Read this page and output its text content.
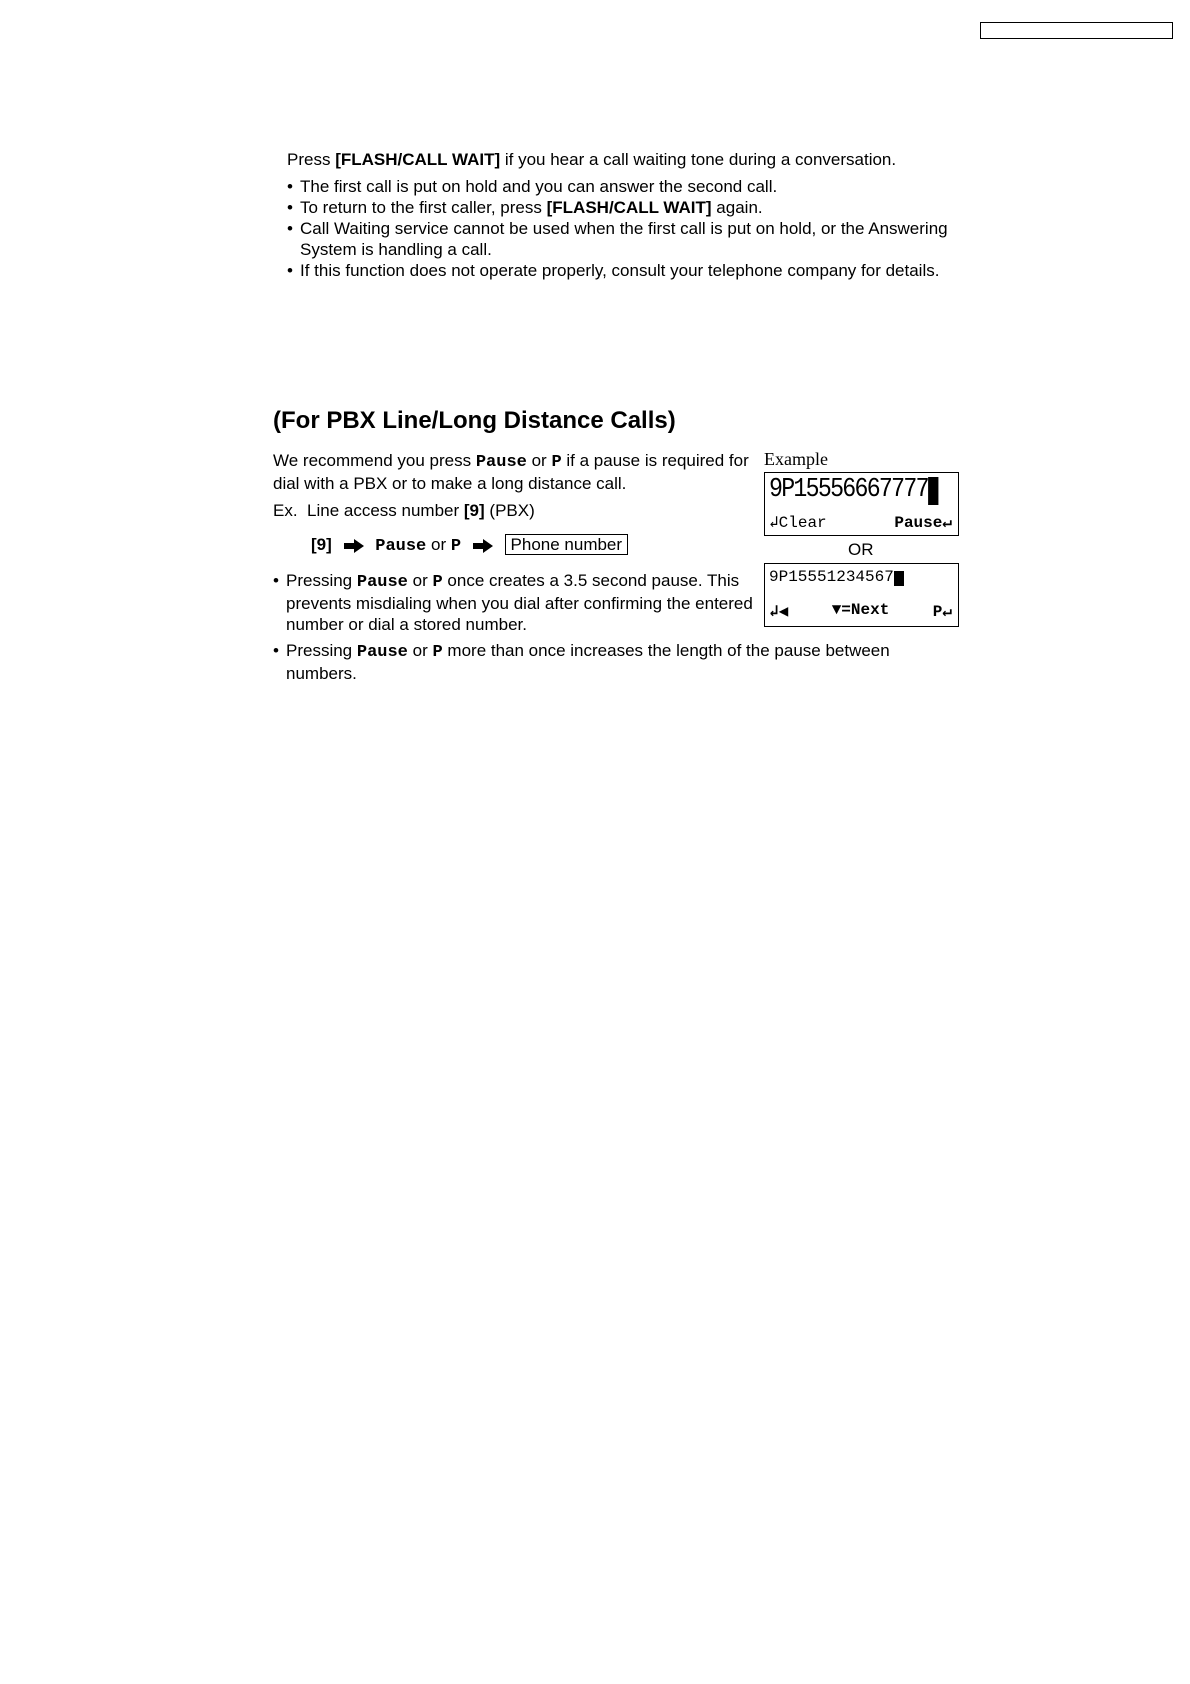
Press [FLASH/CALL WAIT] if you hear a call waiting tone during a conversation.
• The first call is put on hold and you can answer the second call.
• To return to the first caller, press [FLASH/CALL WAIT] again.
• Call Waiting service cannot be used when the first call is put on hold, or the Answering System is handling a call.
• If this function does not operate properly, consult your telephone company for details.
(For PBX Line/Long Distance Calls)
We recommend you press Pause or P if a pause is required for dial with a PBX or to make a long distance call.
Ex. Line access number [9] (PBX)
[9]	Pause or P	Phone number
• Pressing Pause or P once creates a 3.5 second pause. This prevents misdialing when you dial after confirming the entered number or dial a stored number.
• Pressing Pause or P more than once increases the length of the pause between numbers.
Example
9P15556667777
↲Clear	Pause↵
OR
9P15551234567
↲◀	▼=Next	P↵
